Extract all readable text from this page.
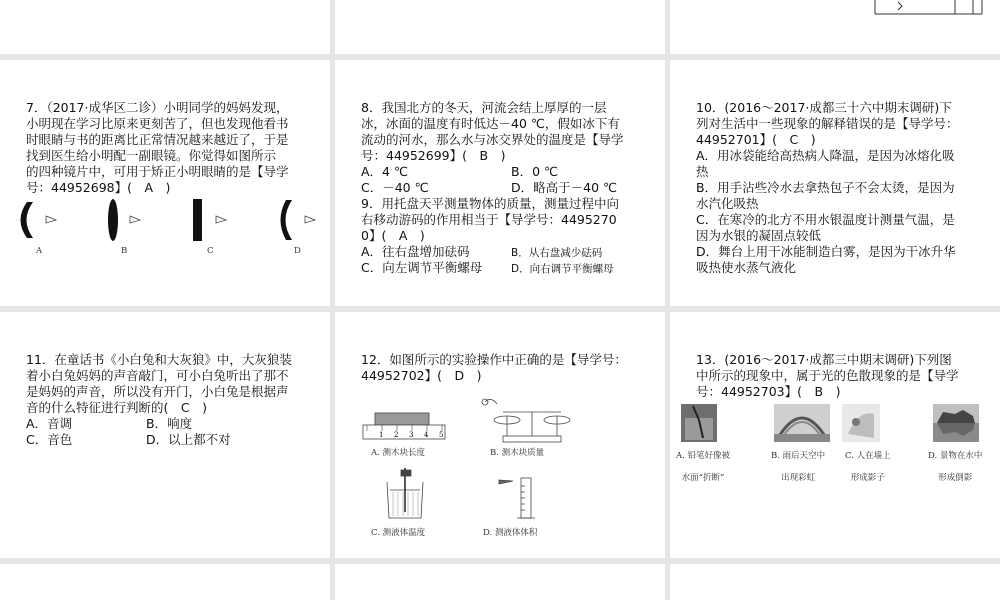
7．（2017·成华区二诊）小明同学的妈妈发现，
小明现在学习比原来更刻苦了，但也发现他看书
时眼睛与书的距离比正常情况越来越近了，于是
找到医生给小明配一副眼镜。你觉得如图所示
的四种镜片中，可用于矫正小明眼睛的是【导学
号：44952698】(　A　)
A	B	C	D
8．我国北方的冬天，河流会结上厚厚的一层
冰，冰面的温度有时低达－40 ℃，假如冰下有
流动的河水，那么水与冰交界处的温度是【导学
号：44952699】(　B　)
A．4 ℃	B．0 ℃
C．－40 ℃	D．略高于－40 ℃
9．用托盘天平测量物体的质量，测量过程中向
右移动游码的作用相当于【导学号：4495270
0】(　A　)
A．往右盘增加砝码	B．从右盘减少砝码
C．向左调节平衡螺母	D．向右调节平衡螺母
10．(2016～2017·成都三十六中期末调研)下
列对生活中一些现象的解释错误的是【导学号：
44952701】(　C　)
A．用冰袋能给高热病人降温，是因为冰熔化吸
热
B．用手沾些冷水去拿热包子不会太烫，是因为
水汽化吸热
C．在寒冷的北方不用水银温度计测量气温，是
因为水银的凝固点较低
D．舞台上用干冰能制造白雾，是因为干冰升华
吸热使水蒸气液化
11．在童话书《小白兔和大灰狼》中，大灰狼装
着小白兔妈妈的声音敲门，可小白兔听出了那不
是妈妈的声音，所以没有开门，小白兔是根据声
音的什么特征进行判断的(　C　)
A．音调	B．响度
C．音色	D．以上都不对
12．如图所示的实验操作中正确的是【导学号：
44952702】(　D　)
1 2 3 4 5
A. 测木块长度	B. 测木块质量
C. 测液体温度	D. 测液体体积
13．(2016～2017·成都三中期末调研)下列图
中所示的现象中，属于光的色散现象的是【导学
号：44952703】(　B　)
A. 铅笔好像被
水面“折断”
B. 雨后天空中
出现彩虹
C. 人在墙上
形成影子
D. 景物在水中
形成倒影
